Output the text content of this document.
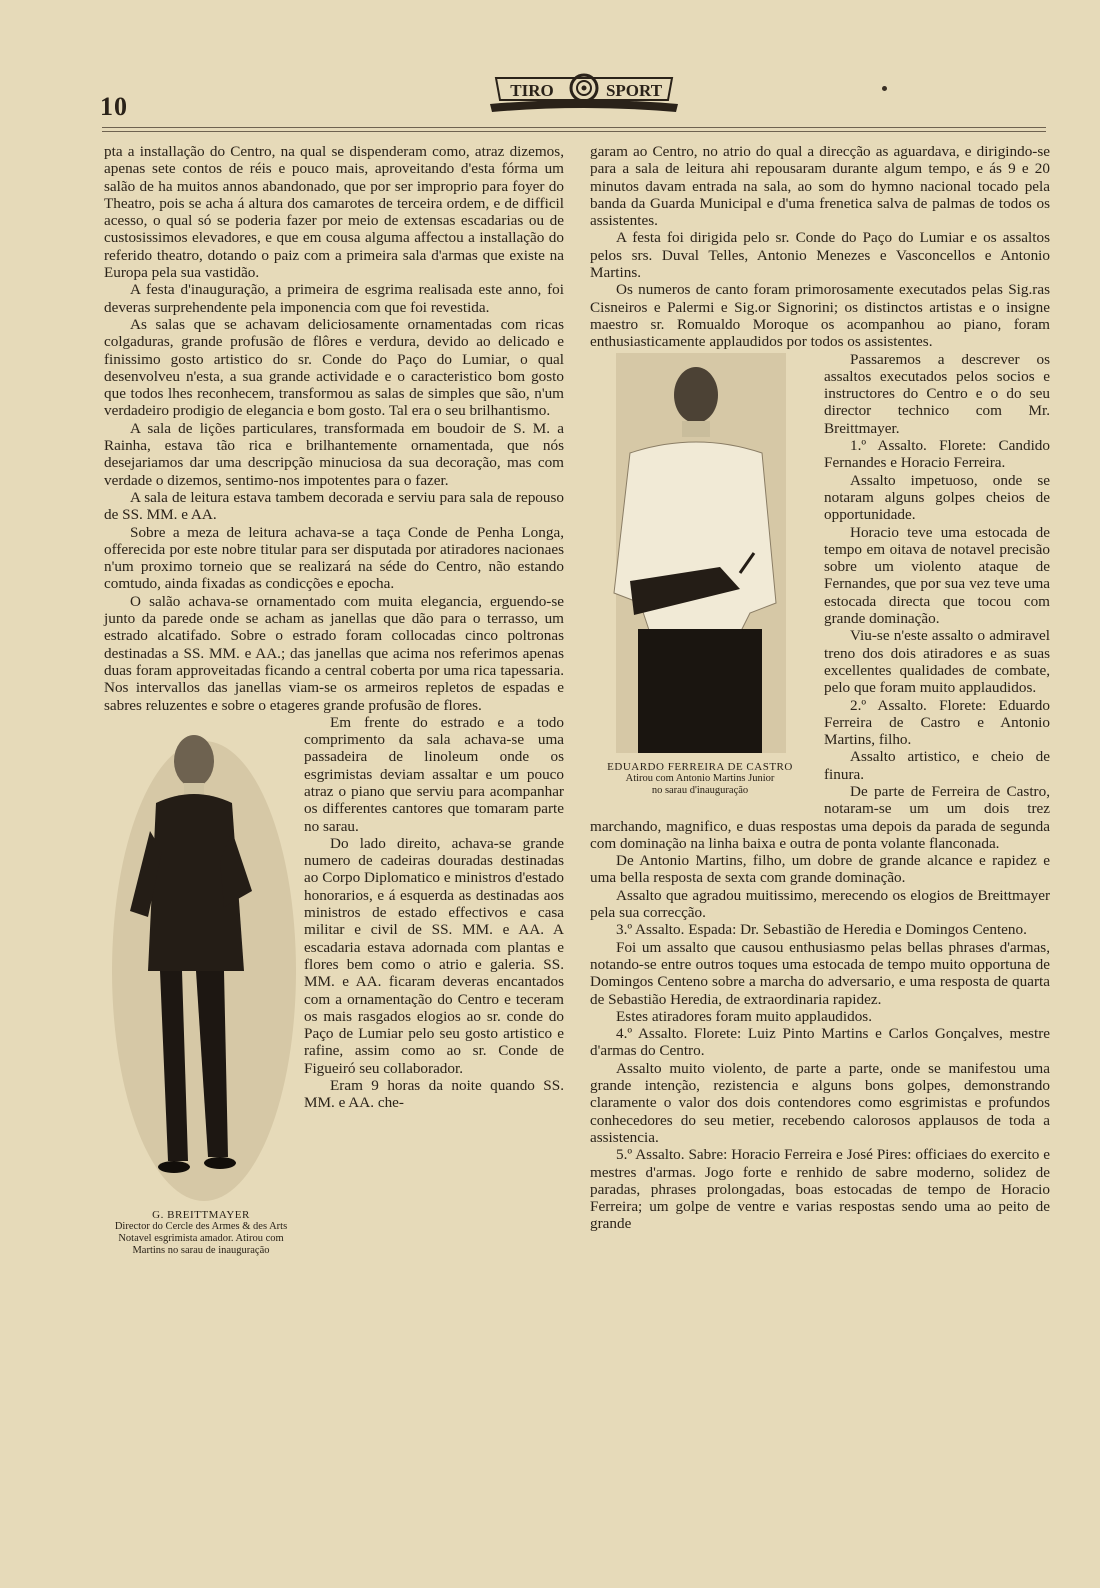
10
TIRO	SPORT
G. BREITTMAYER
Director do Cercle des Armes & des Arts
Notavel esgrimista amador. Atirou com Martins no sarau de inauguração

pta a installação do Centro, na qual se dispenderam como, atraz dizemos, apenas sete contos de réis e pouco mais, aproveitando d'esta fórma um salão de ha muitos annos abandonado, que por ser improprio para foyer do Theatro, pois se acha á altura dos camarotes de terceira ordem, e de difficil acesso, o qual só se poderia fazer por meio de extensas escadarias ou de custosissimos elevadores, e que em cousa alguma affectou a installação do referido theatro, dotando o paiz com a primeira sala d'armas que existe na Europa pela sua vastidão.

A festa d'inauguração, a primeira de esgrima realisada este anno, foi deveras surprehendente pela imponencia com que foi revestida.

As salas que se achavam deliciosamente ornamentadas com ricas colgaduras, grande profusão de flôres e verdura, devido ao delicado e finissimo gosto artistico do sr. Conde do Paço do Lumiar, o qual desenvolveu n'esta, a sua grande actividade e o caracteristico bom gosto que todos lhes reconhecem, transformou as salas de simples que são, n'um verdadeiro prodigio de elegancia e bom gosto. Tal era o seu brilhantismo.

A sala de lições particulares, transformada em boudoir de S. M. a Rainha, estava tão rica e brilhantemente ornamentada, que nós desejariamos dar uma descripção minuciosa da sua decoração, mas com verdade o dizemos, sentimo-nos impotentes para o fazer.

A sala de leitura estava tambem decorada e serviu para sala de repouso de SS. MM. e AA.

Sobre a meza de leitura achava-se a taça Conde de Penha Longa, offerecida por este nobre titular para ser disputada por atiradores nacionaes n'um proximo torneio que se realizará na séde do Centro, não estando comtudo, ainda fixadas as condicções e epocha.

O salão achava-se ornamentado com muita elegancia, erguendo-se junto da parede onde se acham as janellas que dão para o terrasso, um estrado alcatifado. Sobre o estrado foram collocadas cinco poltronas destinadas a SS. MM. e AA.; das janellas que acima nos referimos apenas duas foram approveitadas ficando a central coberta por uma rica tapessaria. Nos intervallos das janellas viam-se os armeiros repletos de espadas e sabres reluzentes e sobre o etageres grande profusão de flores.

Em frente do estrado e a todo comprimento da sala achava-se uma passadeira de linoleum onde os esgrimistas deviam assaltar e um pouco atraz o piano que serviu para acompanhar os differentes cantores que tomaram parte no sarau.

Do lado direito, achava-se grande numero de cadeiras douradas destinadas ao Corpo Diplomatico e ministros d'estado honorarios, e á esquerda as destinadas aos ministros de estado effectivos e casa militar e civil de SS. MM. e AA. A escadaria estava adornada com plantas e flores bem como o atrio e galeria. SS. MM. e AA. ficaram deveras encantados com a ornamentação do Centro e teceram os mais rasgados elogios ao sr. conde do Paço de Lumiar pelo seu gosto artistico e rafine, assim como ao sr. Conde de Figueiró seu collaborador.

Eram 9 horas da noite quando SS. MM. e AA. che-

EDUARDO FERREIRA DE CASTRO
Atirou com Antonio Martins Junior
no sarau d'inauguração

garam ao Centro, no atrio do qual a direcção as aguardava, e dirigindo-se para a sala de leitura ahi repousaram durante algum tempo, e ás 9 e 20 minutos davam entrada na sala, ao som do hymno nacional tocado pela banda da Guarda Municipal e d'uma frenetica salva de palmas de todos os assistentes.

A festa foi dirigida pelo sr. Conde do Paço do Lumiar e os assaltos pelos srs. Duval Telles, Antonio Menezes e Vasconcellos e Antonio Martins.

Os numeros de canto foram primorosamente executados pelas Sig.ras Cisneiros e Palermi e Sig.or Signorini; os distinctos artistas e o insigne maestro sr. Romualdo Moroque os acompanhou ao piano, foram enthusiasticamente applaudidos por todos os assistentes.

Passaremos a descrever os assaltos executados pelos socios e instructores do Centro e o do seu director technico com Mr. Breittmayer.

1.º Assalto. Florete: Candido Fernandes e Horacio Ferreira.

Assalto impetuoso, onde se notaram alguns golpes cheios de opportunidade.

Horacio teve uma estocada de tempo em oitava de notavel precisão sobre um violento ataque de Fernandes, que por sua vez teve uma estocada directa que tocou com grande dominação.

Viu-se n'este assalto o admiravel treno dos dois atiradores e as suas excellentes qualidades de combate, pelo que foram muito applaudidos.

2.º Assalto. Florete: Eduardo Ferreira de Castro e Antonio Martins, filho.

Assalto artistico, e cheio de finura.

De parte de Ferreira de Castro, notaram-se um um dois trez marchando, magnifico, e duas respostas uma depois da parada de segunda com dominação na linha baixa e outra de ponta volante flanconada.

De Antonio Martins, filho, um dobre de grande alcance e rapidez e uma bella resposta de sexta com grande dominação.

Assalto que agradou muitissimo, merecendo os elogios de Breittmayer pela sua correcção.

3.º Assalto. Espada: Dr. Sebastião de Heredia e Domingos Centeno.

Foi um assalto que causou enthusiasmo pelas bellas phrases d'armas, notando-se entre outros toques uma estocada de tempo muito opportuna de Domingos Centeno sobre a marcha do adversario, e uma resposta de quarta de Sebastião Heredia, de extraordinaria rapidez.

Estes atiradores foram muito applaudidos.

4.º Assalto. Florete: Luiz Pinto Martins e Carlos Gonçalves, mestre d'armas do Centro.

Assalto muito violento, de parte a parte, onde se manifestou uma grande intenção, rezistencia e alguns bons golpes, demonstrando claramente o valor dos dois contendores como esgrimistas e profundos conhecedores do seu metier, recebendo calorosos applausos de toda a assistencia.

5.º Assalto. Sabre: Horacio Ferreira e José Pires: officiaes do exercito e mestres d'armas. Jogo forte e renhido de sabre moderno, solidez de paradas, phrases prolongadas, boas estocadas de tempo de Horacio Ferreira; um golpe de ventre e varias respostas sendo uma ao peito de grande
